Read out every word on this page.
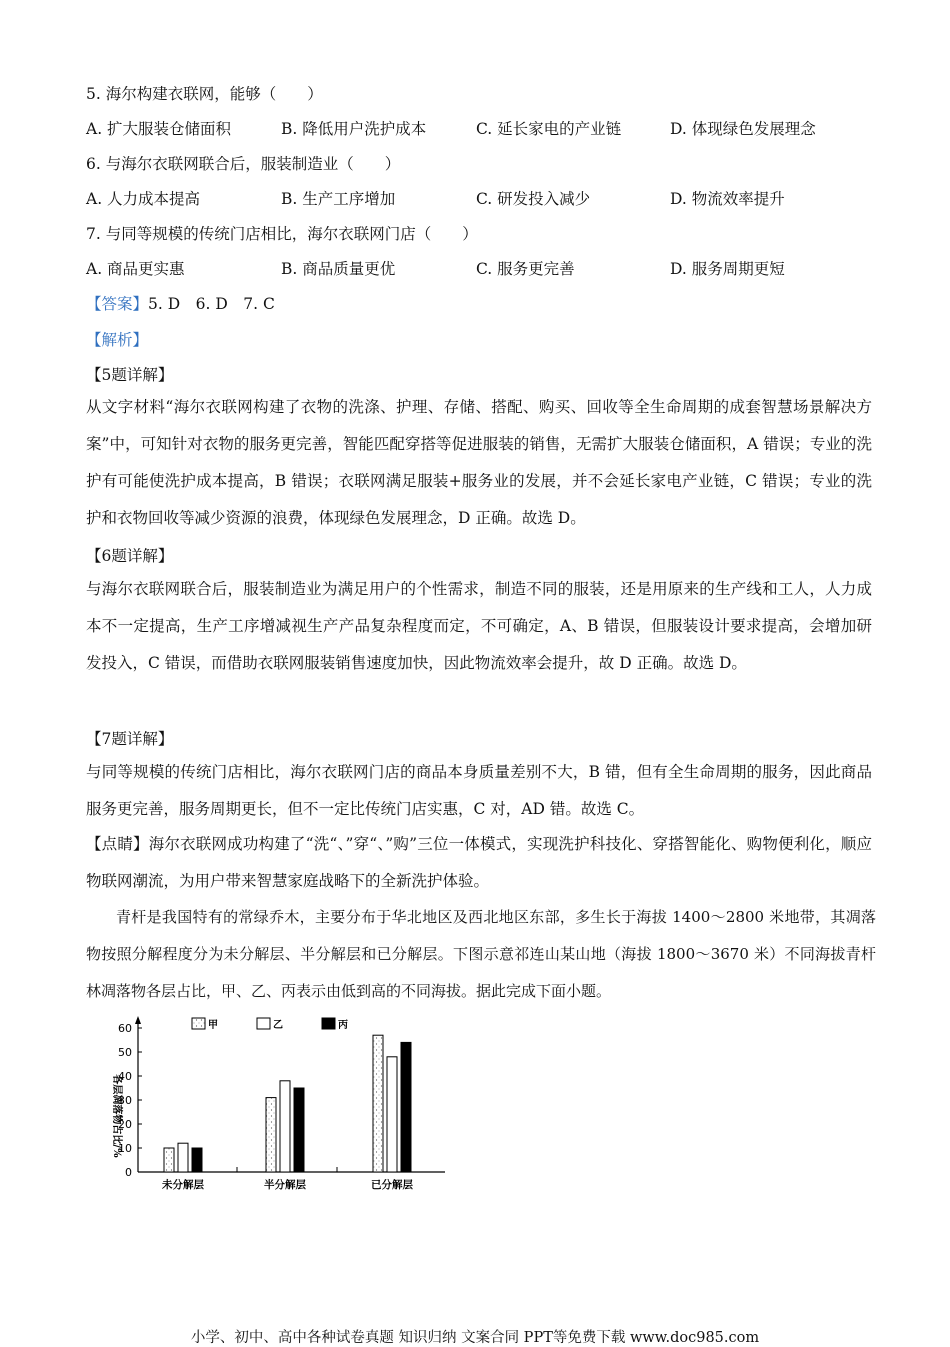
5. 海尔构建衣联网，能够（　　）
A. 扩大服装仓储面积	B. 降低用户洗护成本	C. 延长家电的产业链	D. 体现绿色发展理念
6. 与海尔衣联网联合后，服装制造业（　　）
A. 人力成本提高	B. 生产工序增加	C. 研发投入减少	D. 物流效率提升
7. 与同等规模的传统门店相比，海尔衣联网门店（　　）
A. 商品更实惠	B. 商品质量更优	C. 服务更完善	D. 服务周期更短
【答案】5. D　6. D　7. C
【解析】
【5题详解】
从文字材料“海尔衣联网构建了衣物的洗涤、护理、存储、搭配、购买、回收等全生命周期的成套智慧场景解决方案”中，可知针对衣物的服务更完善，智能匹配穿搭等促进服装的销售，无需扩大服装仓储面积，A 错误；专业的洗护有可能使洗护成本提高，B 错误；衣联网满足服装+服务业的发展，并不会延长家电产业链，C 错误；专业的洗护和衣物回收等减少资源的浪费，体现绿色发展理念，D 正确。故选 D。
【6题详解】
与海尔衣联网联合后，服装制造业为满足用户的个性需求，制造不同的服装，还是用原来的生产线和工人，人力成本不一定提高，生产工序增减视生产产品复杂程度而定，不可确定，A、B 错误，但服装设计要求提高，会增加研发投入，C 错误，而借助衣联网服装销售速度加快，因此物流效率会提升，故 D 正确。故选 D。
【7题详解】
与同等规模的传统门店相比，海尔衣联网门店的商品本身质量差别不大，B 错，但有全生命周期的服务，因此商品服务更完善，服务周期更长，但不一定比传统门店实惠，C 对，AD 错。故选 C。
【点睛】海尔衣联网成功构建了“洗“、”穿“、”购”三位一体模式，实现洗护科技化、穿搭智能化、购物便利化，顺应物联网潮流，为用户带来智慧家庭战略下的全新洗护体验。
青杆是我国特有的常绿乔木，主要分布于华北地区及西北地区东部，多生长于海拔 1400～2800 米地带，其凋落物按照分解程度分为未分解层、半分解层和已分解层。下图示意祁连山某山地（海拔 1800～3670 米）不同海拔青杆林凋落物各层占比，甲、乙、丙表示由低到高的不同海拔。据此完成下面小题。
各层凋落物占比/%
0
10
20
30
40
50
60
未分解层	半分解层	已分解层
甲	乙	丙
小学、初中、高中各种试卷真题 知识归纳 文案合同 PPT等免费下载 www.doc985.com
